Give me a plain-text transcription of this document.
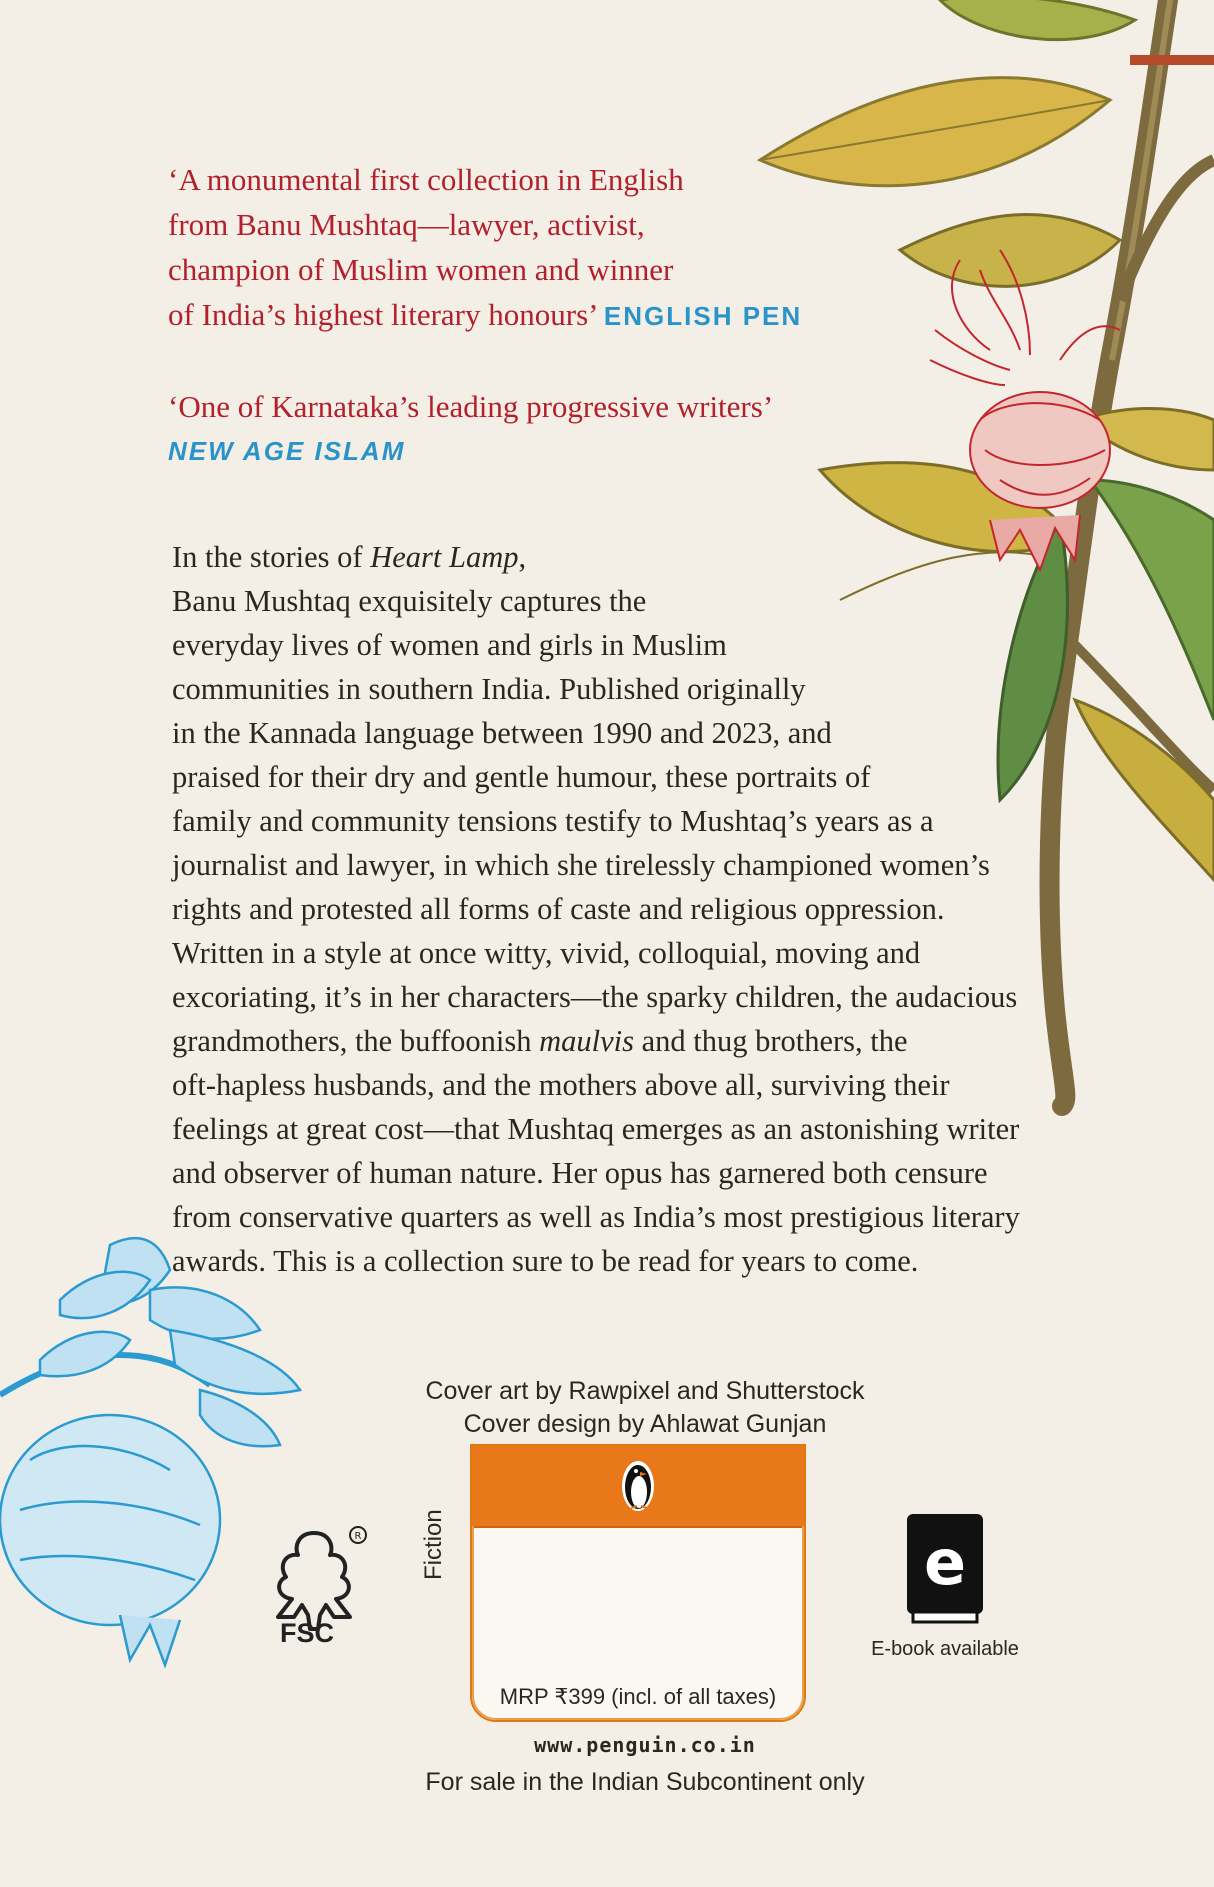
‘A monumental first collection in English
from Banu Mushtaq—lawyer, activist,
champion of Muslim women and winner
of India’s highest literary honours’ ENGLISH PEN
‘One of Karnataka’s leading progressive writers’
NEW AGE ISLAM

In the stories of Heart Lamp,
Banu Mushtaq exquisitely captures the
everyday lives of women and girls in Muslim
communities in southern India. Published originally
in the Kannada language between 1990 and 2023, and
praised for their dry and gentle humour, these portraits of
family and community tensions testify to Mushtaq’s years as a
journalist and lawyer, in which she tirelessly championed women’s
rights and protested all forms of caste and religious oppression.
Written in a style at once witty, vivid, colloquial, moving and
excoriating, it’s in her characters—the sparky children, the audacious
grandmothers, the buffoonish maulvis and thug brothers, the
oft-hapless husbands, and the mothers above all, surviving their
feelings at great cost—that Mushtaq emerges as an astonishing writer
and observer of human nature. Her opus has garnered both censure
from conservative quarters as well as India’s most prestigious literary
awards. This is a collection sure to be read for years to come.

Cover art by Rawpixel and Shutterstock
Cover design by Ahlawat Gunjan
R
FSC
Fiction
MRP ₹399 (incl. of all taxes)
e
E-book available
www.penguin.co.in
For sale in the Indian Subcontinent only
